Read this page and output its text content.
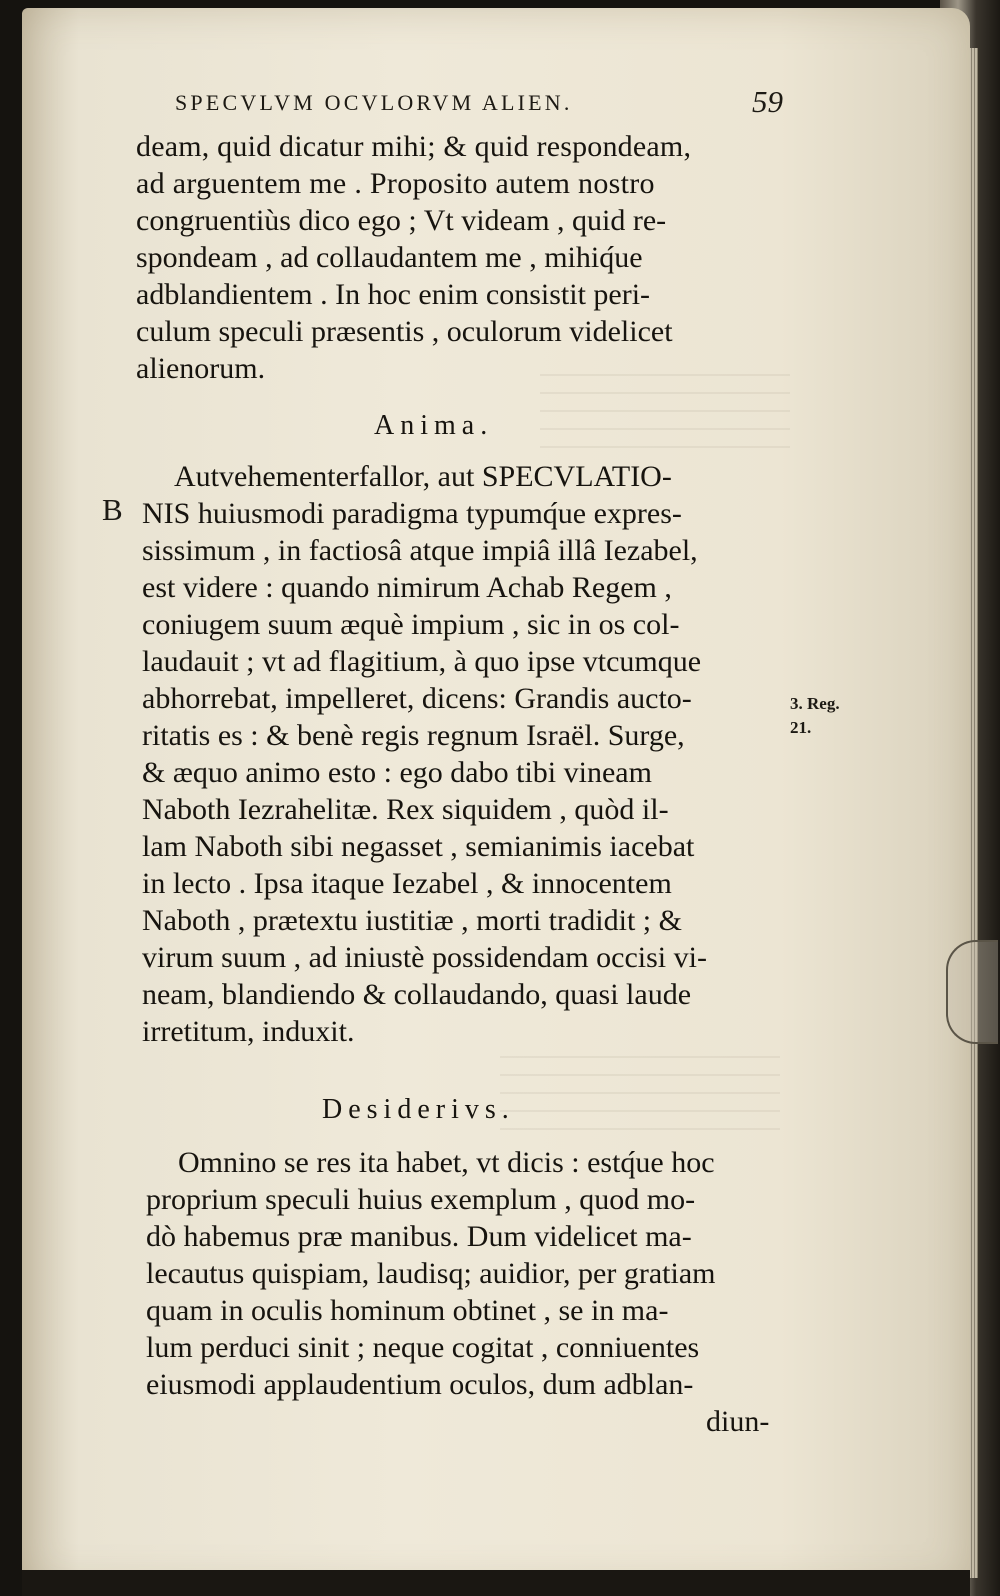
SPECVLVM OCVLORVM ALIEN.	59
deam, quid dicatur mihi; & quid respondeam,
ad arguentem me . Proposito autem nostro
congruentiùs dico ego ; Vt videam , quid re-
spondeam , ad collaudantem me , mihiq́ue
adblandientem . In hoc enim consistit peri-
culum speculi præsentis , oculorum videlicet
alienorum.
Anima.
B
Autvehementerfallor, aut SPECVLATIO-
NIS huiusmodi paradigma typumq́ue expres-
sissimum , in factiosâ atque impiâ illâ Iezabel,
est videre : quando nimirum Achab Regem ,
coniugem suum æquè impium , sic in os col-
laudauit ; vt ad flagitium, à quo ipse vtcumque
abhorrebat, impelleret, dicens: Grandis aucto-
ritatis es : & benè regis regnum Israël. Surge,
& æquo animo esto : ego dabo tibi vineam
Naboth Iezrahelitæ. Rex siquidem , quòd il-
lam Naboth sibi negasset , semianimis iacebat
in lecto . Ipsa itaque Iezabel , & innocentem
Naboth , prætextu iustitiæ , morti tradidit ; &
virum suum , ad iniustè possidendam occisi vi-
neam, blandiendo & collaudando, quasi laude
irretitum, induxit.
3. Reg.
21.
Desiderivs.
Omnino se res ita habet, vt dicis : estq́ue hoc
proprium speculi huius exemplum , quod mo-
dò habemus præ manibus. Dum videlicet ma-
lecautus quispiam, laudisq; auidior, per gratiam
quam in oculis hominum obtinet , se in ma-
lum perduci sinit ; neque cogitat , conniuentes
eiusmodi applaudentium oculos, dum adblan-
diun-
